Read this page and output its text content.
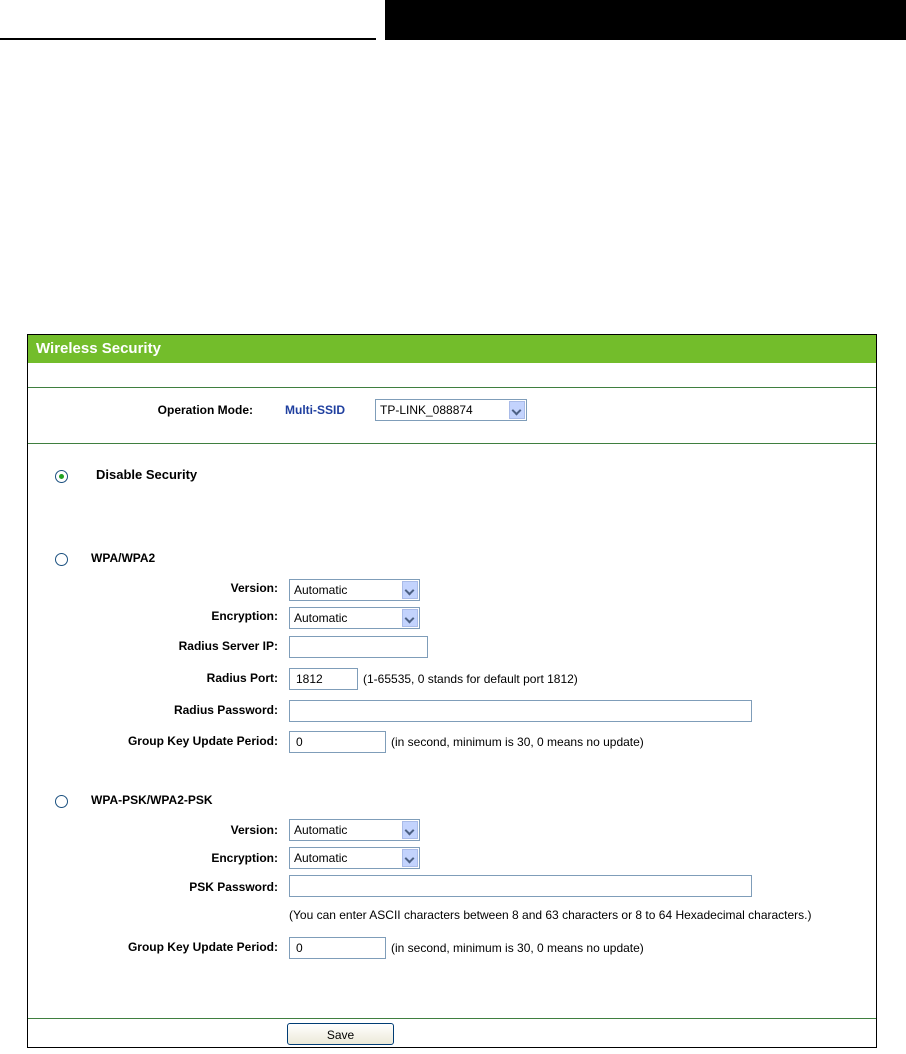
Wireless Security
Operation Mode:	Multi-SSID	TP-LINK_088874
Disable Security
WPA/WPA2
Version:	Automatic
Encryption:	Automatic
Radius Server IP:
Radius Port:	1812	(1-65535, 0 stands for default port 1812)
Radius Password:
Group Key Update Period:	0	(in second, minimum is 30, 0 means no update)
WPA-PSK/WPA2-PSK
Version:	Automatic
Encryption:	Automatic
PSK Password:
(You can enter ASCII characters between 8 and 63 characters or 8 to 64 Hexadecimal characters.)
Group Key Update Period:	0	(in second, minimum is 30, 0 means no update)
Save
